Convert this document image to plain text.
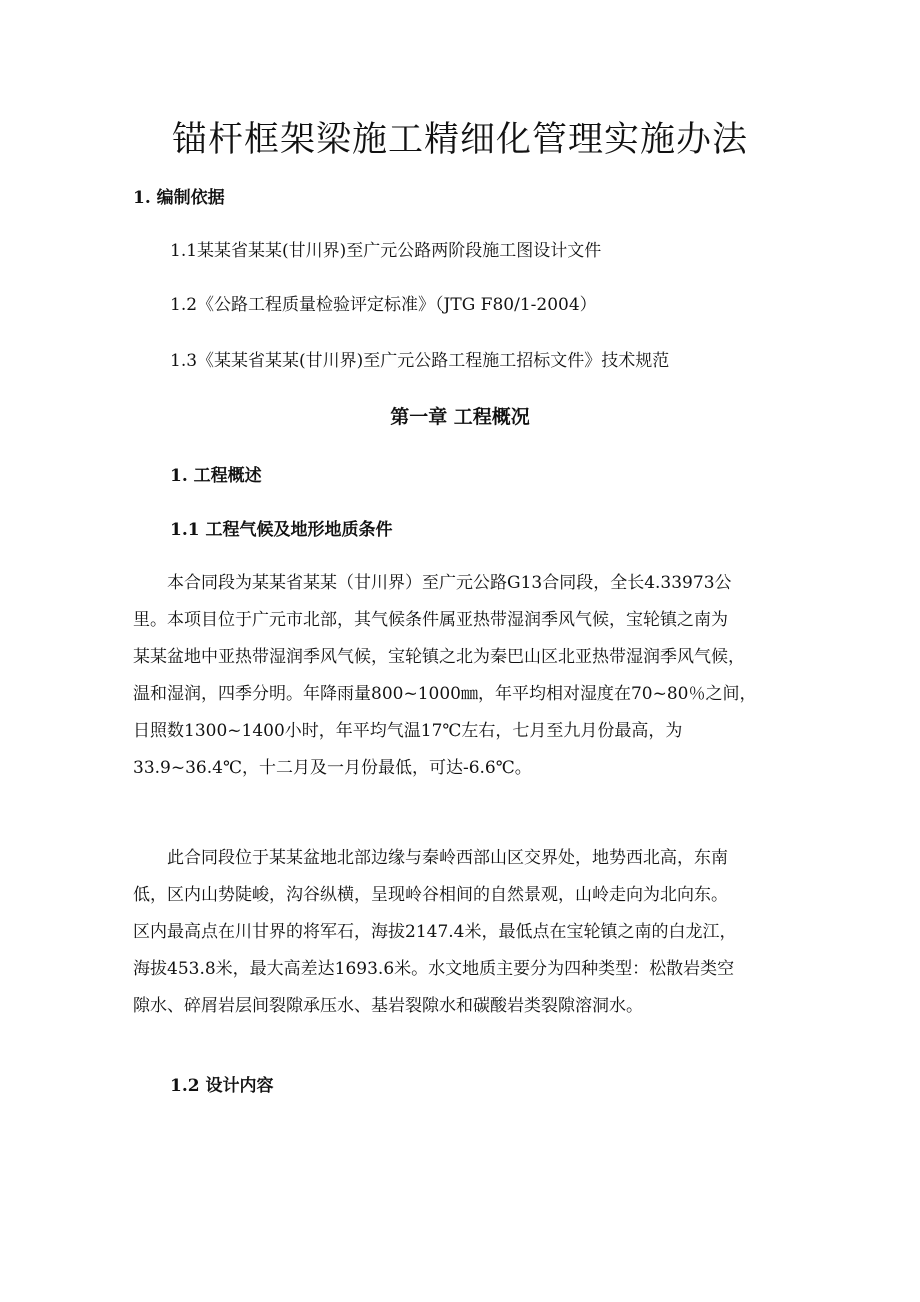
锚杆框架梁施工精细化管理实施办法

1. 编制依据

1.1某某省某某(甘川界)至广元公路两阶段施工图设计文件

1.2《公路工程质量检验评定标准》（JTG F80/1-2004）

1.3《某某省某某(甘川界)至广元公路工程施工招标文件》技术规范

第一章 工程概况

1. 工程概述

1.1 工程气候及地形地质条件

　　本合同段为某某省某某（甘川界）至广元公路G13合同段，全长4.33973公
里。本项目位于广元市北部，其气候条件属亚热带湿润季风气候，宝轮镇之南为
某某盆地中亚热带湿润季风气候，宝轮镇之北为秦巴山区北亚热带湿润季风气候，
温和湿润，四季分明。年降雨量800~1000㎜，年平均相对湿度在70~80％之间，
日照数1300~1400小时，年平均气温17℃左右，七月至九月份最高，为
33.9~36.4℃，十二月及一月份最低，可达-6.6℃。
　　此合同段位于某某盆地北部边缘与秦岭西部山区交界处，地势西北高，东南
低，区内山势陡峻，沟谷纵横，呈现岭谷相间的自然景观，山岭走向为北向东。
区内最高点在川甘界的将军石，海拔2147.4米，最低点在宝轮镇之南的白龙江，
海拔453.8米，最大高差达1693.6米。水文地质主要分为四种类型：松散岩类空
隙水、碎屑岩层间裂隙承压水、基岩裂隙水和碳酸岩类裂隙溶洞水。

1.2 设计内容
